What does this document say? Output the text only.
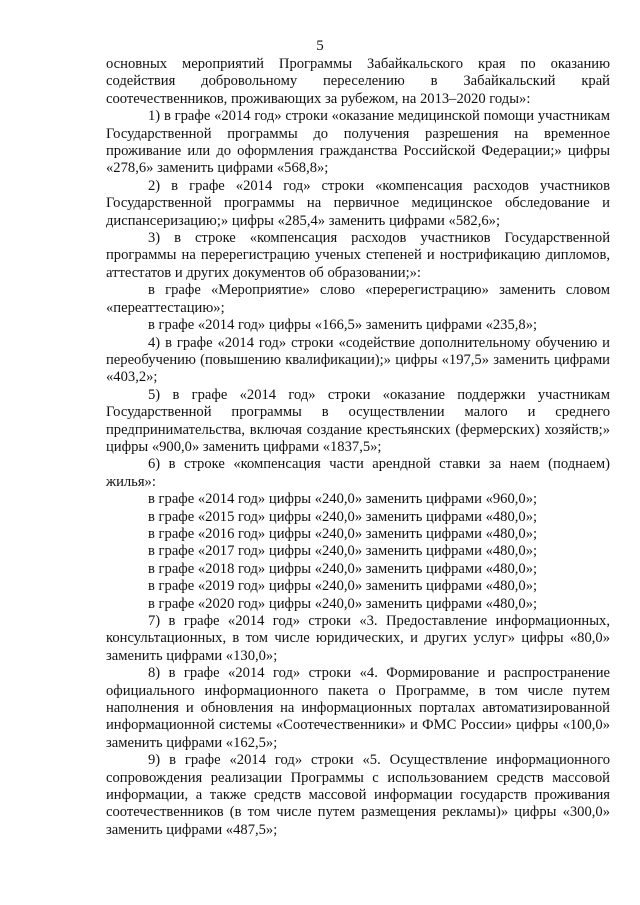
5

основных мероприятий Программы Забайкальского края по оказанию содействия добровольному переселению в Забайкальский край соотечественников, проживающих за рубежом, на 2013–2020 годы»:

1) в графе «2014 год» строки «оказание медицинской помощи участникам Государственной программы до получения разрешения на временное проживание или до оформления гражданства Российской Федерации;» цифры «278,6» заменить цифрами «568,8»;

2) в графе «2014 год» строки «компенсация расходов участников Государственной программы на первичное медицинское обследование и диспансеризацию;» цифры «285,4» заменить цифрами «582,6»;

3) в строке «компенсация расходов участников Государственной программы на перерегистрацию ученых степеней и нострификацию дипломов, аттестатов и других документов об образовании;»:

в графе «Мероприятие» слово «перерегистрацию» заменить словом «переаттестацию»;

в графе «2014 год» цифры «166,5» заменить цифрами «235,8»;

4) в графе «2014 год» строки «содействие дополнительному обучению и переобучению (повышению квалификации);» цифры «197,5» заменить цифрами «403,2»;

5) в графе «2014 год» строки «оказание поддержки участникам Государственной программы в осуществлении малого и среднего предпринимательства, включая создание крестьянских (фермерских) хозяйств;» цифры «900,0» заменить цифрами «1837,5»;

6) в строке «компенсация части арендной ставки за наем (поднаем) жилья»:

в графе «2014 год» цифры «240,0» заменить цифрами «960,0»;

в графе «2015 год» цифры «240,0» заменить цифрами «480,0»;

в графе «2016 год» цифры «240,0» заменить цифрами «480,0»;

в графе «2017 год» цифры «240,0» заменить цифрами «480,0»;

в графе «2018 год» цифры «240,0» заменить цифрами «480,0»;

в графе «2019 год» цифры «240,0» заменить цифрами «480,0»;

в графе «2020 год» цифры «240,0» заменить цифрами «480,0»;

7) в графе «2014 год» строки «3. Предоставление информационных, консультационных, в том числе юридических, и других услуг» цифры «80,0» заменить цифрами «130,0»;

8) в графе «2014 год» строки «4. Формирование и распространение официального информационного пакета о Программе, в том числе путем наполнения и обновления на информационных порталах автоматизированной информационной системы «Соотечественники» и ФМС России» цифры «100,0» заменить цифрами «162,5»;

9) в графе «2014 год» строки «5. Осуществление информационного сопровождения реализации Программы с использованием средств массовой информации, а также средств массовой информации государств проживания соотечественников (в том числе путем размещения рекламы)» цифры «300,0» заменить цифрами «487,5»;
